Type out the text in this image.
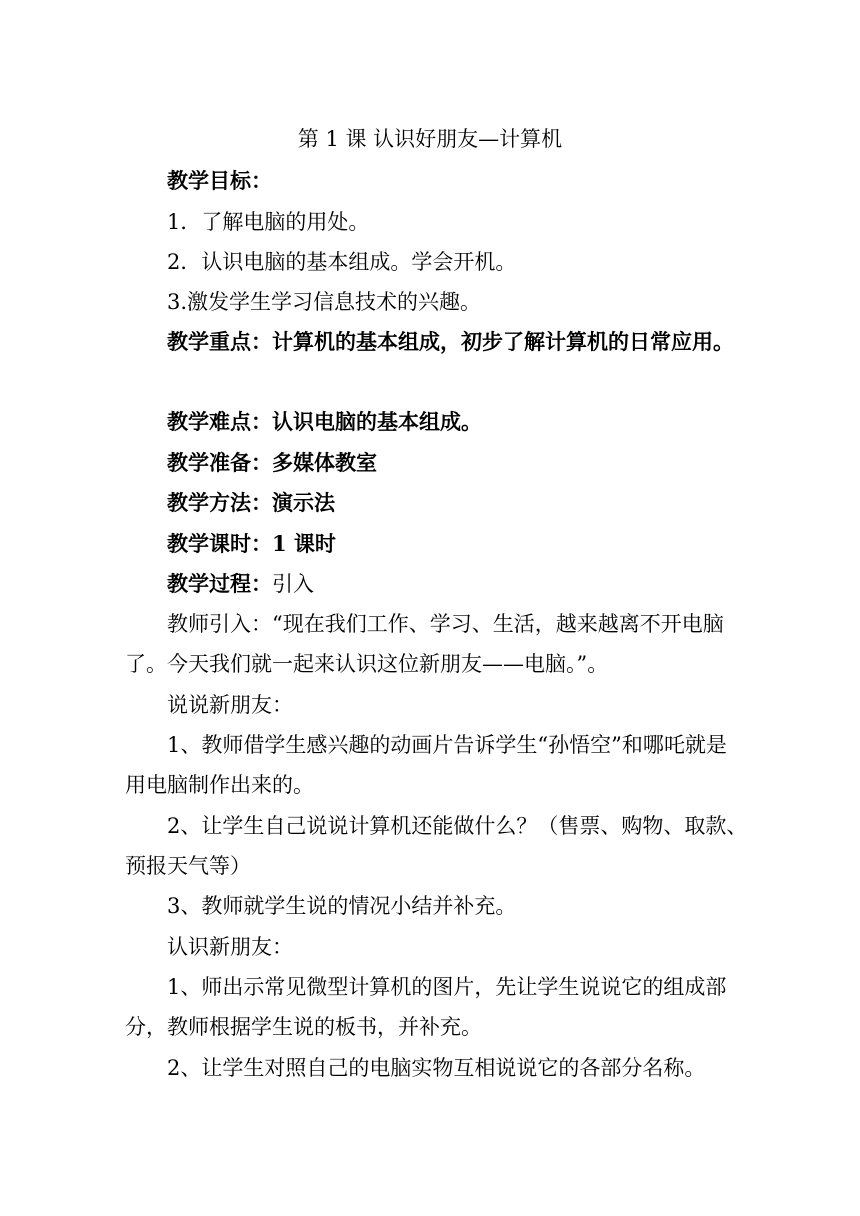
第 1 课 认识好朋友—计算机
教学目标：
1．了解电脑的用处。
2．认识电脑的基本组成。学会开机。
3.激发学生学习信息技术的兴趣。
教学重点：计算机的基本组成，初步了解计算机的日常应用。
教学难点：认识电脑的基本组成。
教学准备：多媒体教室
教学方法：演示法
教学课时：1 课时
教学过程：引入
教师引入：“现在我们工作、学习、生活，越来越离不开电脑
了。今天我们就一起来认识这位新朋友——电脑。”。
说说新朋友：
1、教师借学生感兴趣的动画片告诉学生“孙悟空”和哪吒就是
用电脑制作出来的。
2、让学生自己说说计算机还能做什么？（售票、购物、取款、
预报天气等）
3、教师就学生说的情况小结并补充。
认识新朋友：
1、师出示常见微型计算机的图片，先让学生说说它的组成部
分，教师根据学生说的板书，并补充。
2、让学生对照自己的电脑实物互相说说它的各部分名称。
